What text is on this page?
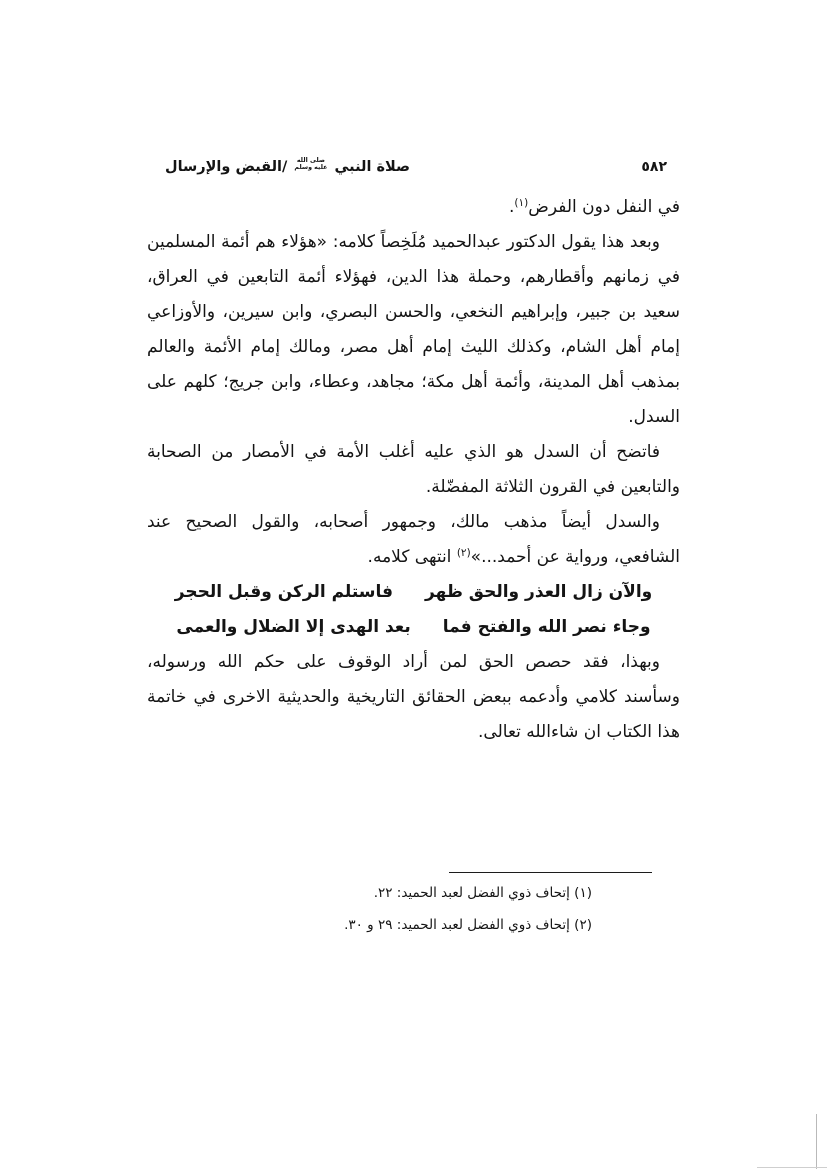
صلاة النبي
صلى الله
عليه وسلم
/القبض والإرسال	٥٨٢

في النفل دون الفرض$^{(١)}$.

وبعد هذا يقول الدكتور عبدالحميد مُلَخِصاً كلامه: «هؤلاء هم أئمة المسلمين في زمانهم وأقطارهم، وحملة هذا الدين، فهؤلاء أئمة التابعين في العراق، سعيد بن جبير، وإبراهيم النخعي، والحسن البصري، وابن سيرين، والأوزاعي إمام أهل الشام، وكذلك الليث إمام أهل مصر، ومالك إمام الأئمة والعالم بمذهب أهل المدينة، وأئمة أهل مكة؛ مجاهد، وعطاء، وابن جريج؛ كلهم على السدل.

فاتضح أن السدل هو الذي عليه أغلب الأمة في الأمصار من الصحابة والتابعين في القرون الثلاثة المفضّلة.

والسدل أيضاً مذهب مالك، وجمهور أصحابه، والقول الصحيح عند الشافعي، ورواية عن أحمد...»$^{(٢)}$ انتهى كلامه.

والآن زال العذر والحق ظهر
فاستلم الركن وقبل الحجر
وجاء نصر الله والفتح فما
بعد الهدى إلا الضلال والعمى

وبهذا، فقد حصص الحق لمن أراد الوقوف على حكم الله ورسوله، وسأسند كلامي وأدعمه ببعض الحقائق التاريخية والحديثية الاخرى في خاتمة هذا الكتاب ان شاءالله تعالى.

(١) إتحاف ذوي الفضل لعبد الحميد: ٢٢.
(٢) إتحاف ذوي الفضل لعبد الحميد: ٢٩ و ٣٠.
